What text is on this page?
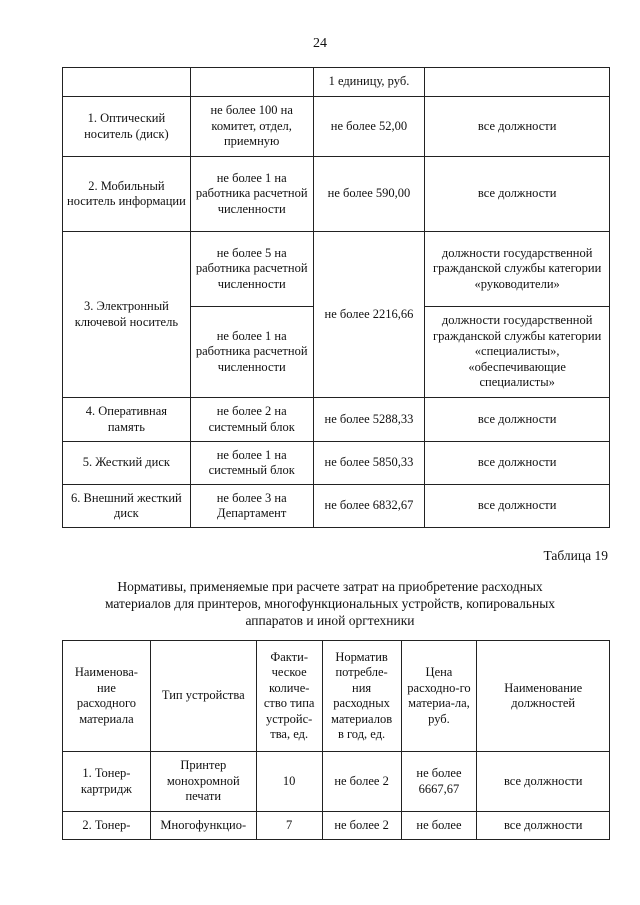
24
		1 единицу, руб.	
1. Оптический носитель (диск)	не более 100 на комитет, отдел, приемную	не более 52,00	все должности
2. Мобильный носитель информации	не более 1 на работника расчетной численности	не более 590,00	все должности
3. Электронный ключевой носитель	не более 5 на работника расчетной численности	не более 2216,66	должности государственной гражданской службы категории «руководители»
	не более 1 на работника расчетной численности		должности государственной гражданской службы категории «специалисты», «обеспечивающие специалисты»
4. Оперативная память	не более 2 на системный блок	не более 5288,33	все должности
5. Жесткий диск	не более 1 на системный блок	не более 5850,33	все должности
6. Внешний жесткий диск	не более 3 на Департамент	не более 6832,67	все должности
Таблица 19
Нормативы, применяемые при расчете затрат на приобретение расходных материалов для принтеров, многофункциональных устройств, копировальных аппаратов и иной оргтехники
Наименова-ние расходного материала	Тип устройства	Факти-ческое количе-ство типа устройс-тва, ед.	Норматив потребле-ния расходных материалов в год, ед.	Цена расходно-го материа-ла, руб.	Наименование должностей
1. Тонер-картридж	Принтер монохромной печати	10	не более 2	не более 6667,67	все должности
2. Тонер-	Многофункцио-	7	не более 2	не более	все должности
